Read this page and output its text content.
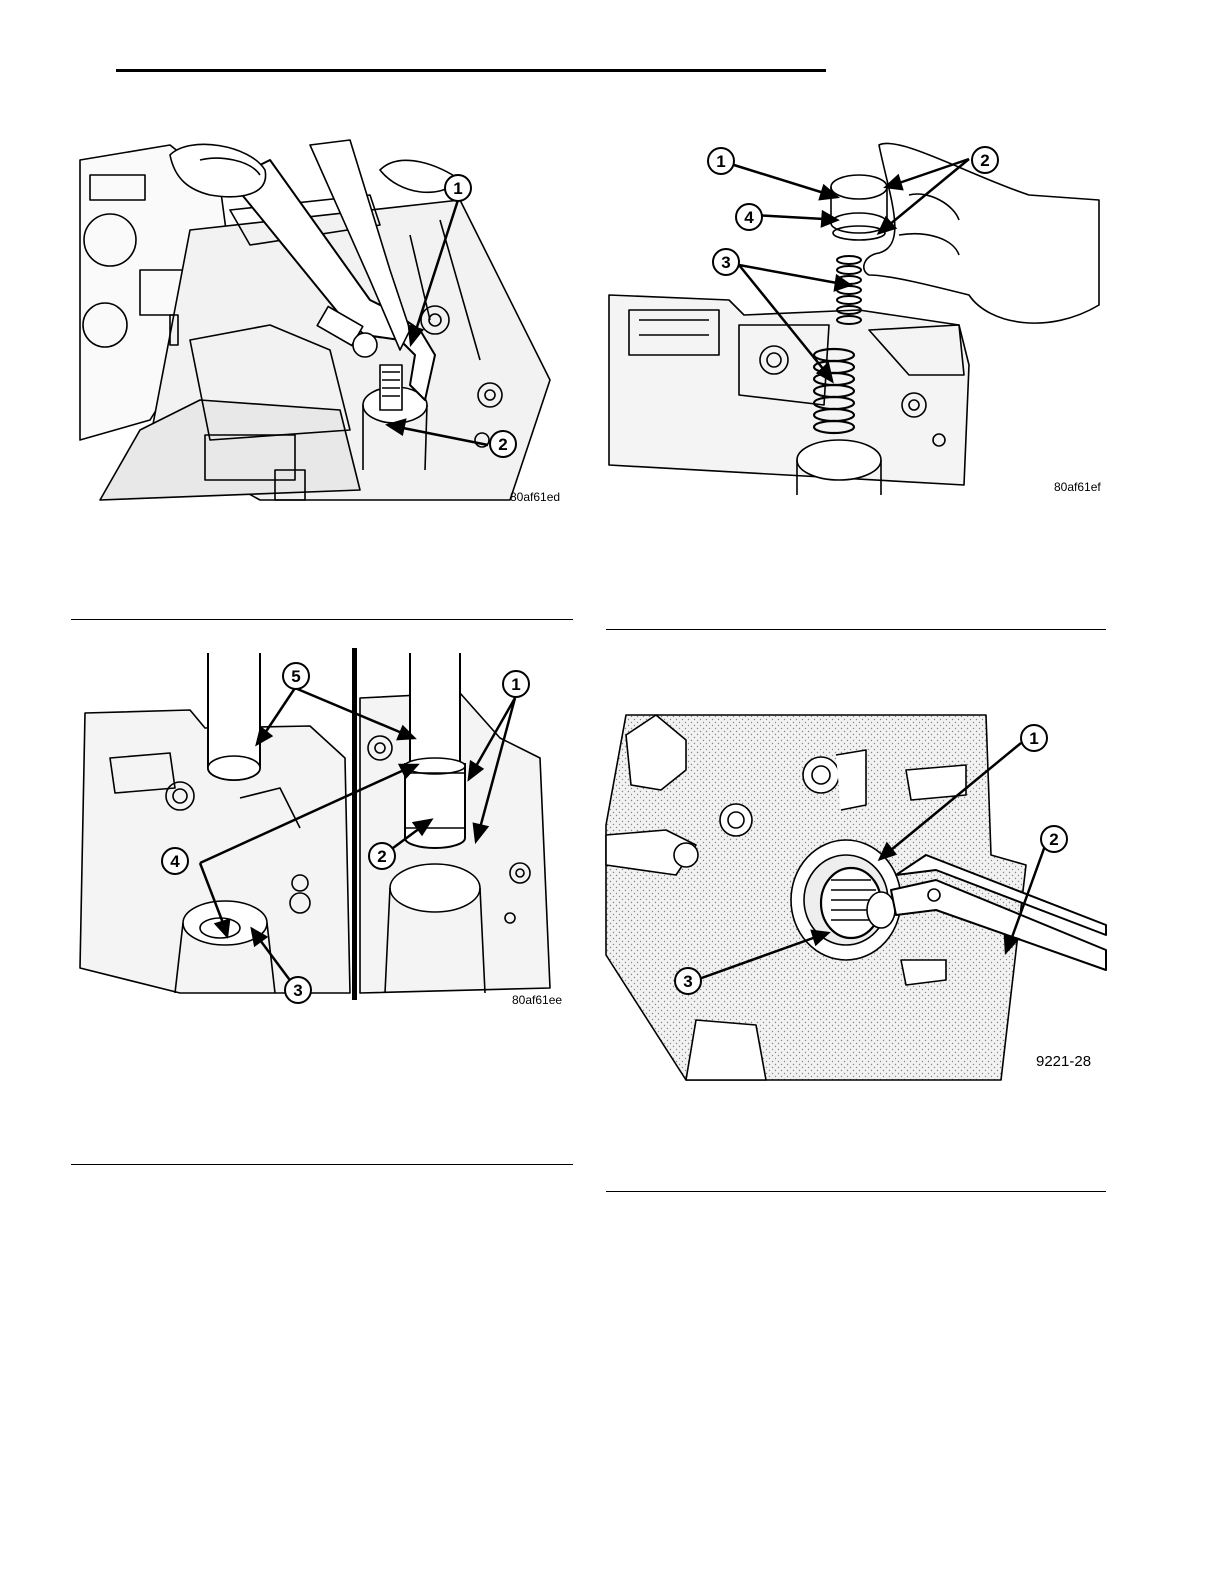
1
2
80af61ed
1	2
3
4
80af61ef
1
2
3
4
5
80af61ee
1
2
3
9221-28
